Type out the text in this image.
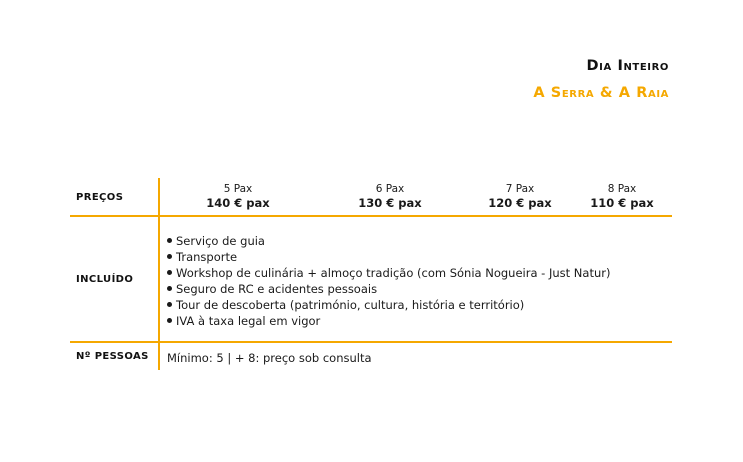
Dia Inteiro
A Serra & A Raia
PREÇOS
5 Pax
140 € pax
6 Pax
130 € pax
7 Pax
120 € pax
8 Pax
110 € pax
INCLUÍDO
Serviço de guia
Transporte
Workshop de culinária + almoço tradição (com Sónia Nogueira - Just Natur)
Seguro de RC e acidentes pessoais
Tour de descoberta (património, cultura, história e território)
IVA à taxa legal em vigor
Nº PESSOAS Mínimo: 5 | + 8: preço sob consulta
